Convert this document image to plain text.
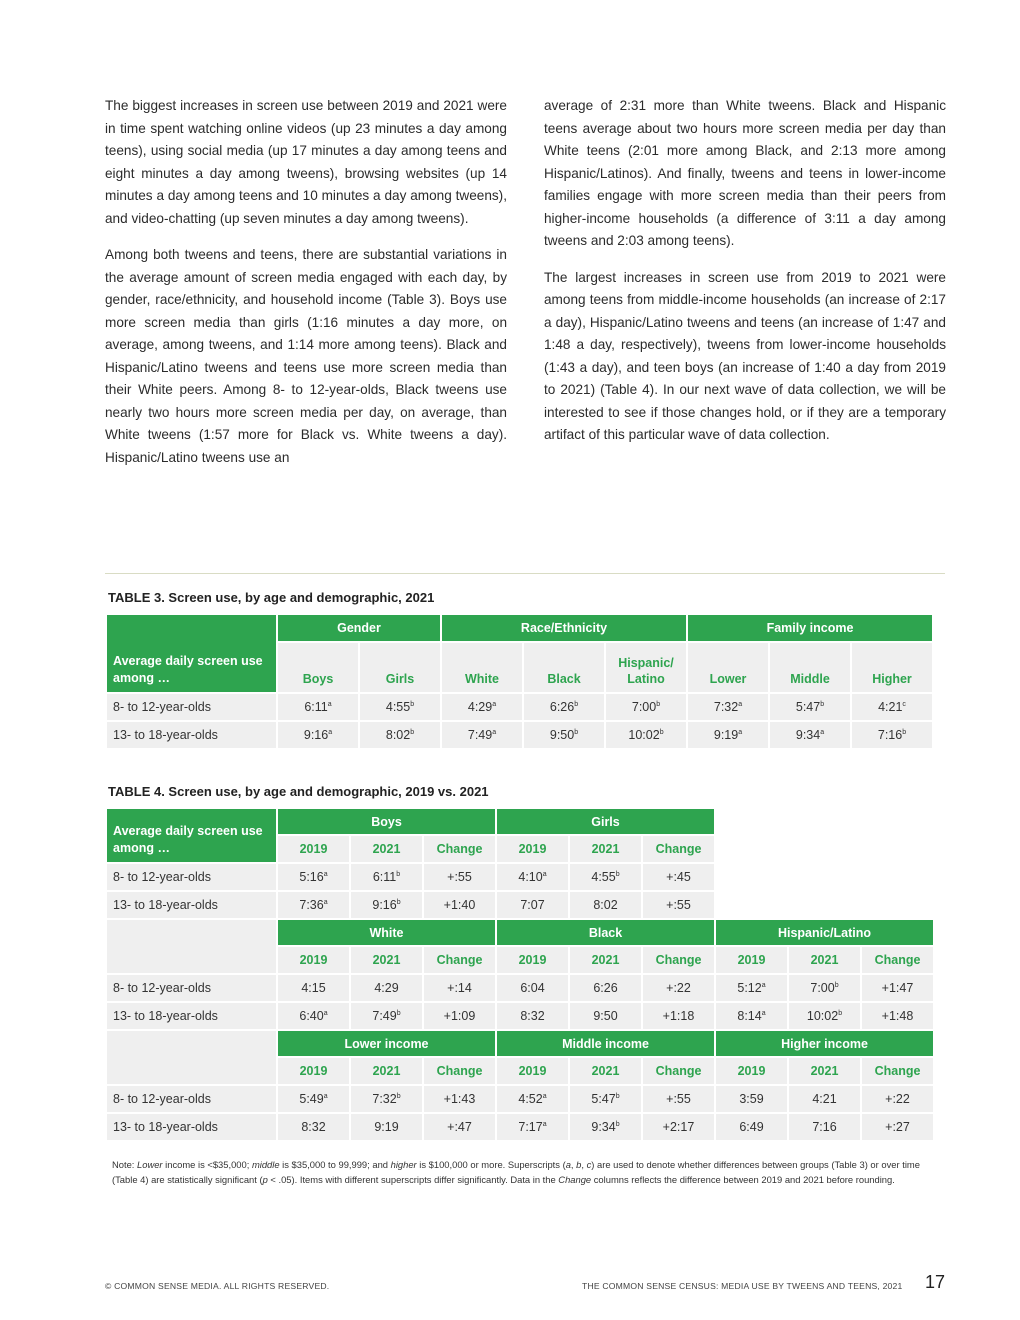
The biggest increases in screen use between 2019 and 2021 were in time spent watching online videos (up 23 minutes a day among teens), using social media (up 17 minutes a day among teens and eight minutes a day among tweens), browsing websites (up 14 minutes a day among teens and 10 minutes a day among tweens), and video-chatting (up seven minutes a day among tweens).

Among both tweens and teens, there are substantial variations in the average amount of screen media engaged with each day, by gender, race/ethnicity, and household income (Table 3). Boys use more screen media than girls (1:16 minutes a day more, on average, among tweens, and 1:14 more among teens). Black and Hispanic/Latino tweens and teens use more screen media than their White peers. Among 8- to 12-year-olds, Black tweens use nearly two hours more screen media per day, on average, than White tweens (1:57 more for Black vs. White tweens a day). Hispanic/Latino tweens use an

average of 2:31 more than White tweens. Black and Hispanic teens average about two hours more screen media per day than White teens (2:01 more among Black, and 2:13 more among Hispanic/Latinos). And finally, tweens and teens in lower-income families engage with more screen media than their peers from higher-income households (a difference of 3:11 a day among tweens and 2:03 among teens).

The largest increases in screen use from 2019 to 2021 were among teens from middle-income households (an increase of 2:17 a day), Hispanic/Latino tweens and teens (an increase of 1:47 and 1:48 a day, respectively), tweens from lower-income households (1:43 a day), and teen boys (an increase of 1:40 a day from 2019 to 2021) (Table 4). In our next wave of data collection, we will be interested to see if those changes hold, or if they are a temporary artifact of this particular wave of data collection.

TABLE 3. Screen use, by age and demographic, 2021
Average daily screen use among …	Gender		Race/Ethnicity			Family income		
	Boys	Girls	White	Black	Hispanic/ Latino	Lower	Middle	Higher
8- to 12-year-olds	6:11$^a$	4:55$^b$	4:29$^a$	6:26$^b$	7:00$^b$	7:32$^a$	5:47$^b$	4:21$^c$
13- to 18-year-olds	9:16$^a$	8:02$^b$	7:49$^a$	9:50$^b$	10:02$^b$	9:19$^a$	9:34$^a$	7:16$^b$
TABLE 4. Screen use, by age and demographic, 2019 vs. 2021
Average daily screen use among …	Boys			Girls					
	2019	2021	Change	2019	2021	Change			
8- to 12-year-olds	5:16$^a$	$6:11^b$	+:55	4:10$^a$	$4:55^b$	+:45			
13- to 18-year-olds	7:36$^a$	$9:16^b$	+1:40	7:07	8:02	+:55			
	White			Black			Hispanic/Latino		
	2019	2021	Change	2019	2021	Change	2019	2021	Change
8- to 12-year-olds	4:15	4:29	+:14	6:04	6:26	+:22	5:12$^a$	$7:00^b$	+1:47
13- to 18-year-olds	6:40$^a$	$7:49^b$	+1:09	8:32	9:50	+1:18	8:14$^a$	$10:02^b$	+1:48
	Lower income			Middle income			Higher income		
	2019	2021	Change	2019	2021	Change	2019	2021	Change
8- to 12-year-olds	5:49$^a$	$7:32^b$	+1:43	4:52$^a$	$5:47^b$	+:55	3:59	4:21	+:22
13- to 18-year-olds	8:32	9:19	+:47	7:17$^a$	$9:34^b$	+2:17	6:49	7:16	+:27
Note: Lower income is <$35,000; middle is $35,000 to 99,999; and higher is $100,000 or more. Superscripts (a, b, c) are used to denote whether differences between groups (Table 3) or over time (Table 4) are statistically significant (p < .05). Items with different superscripts differ significantly. Data in the Change columns reflects the difference between 2019 and 2021 before rounding.
© COMMON SENSE MEDIA. ALL RIGHTS RESERVED.	THE COMMON SENSE CENSUS: MEDIA USE BY TWEENS AND TEENS, 2021 17
